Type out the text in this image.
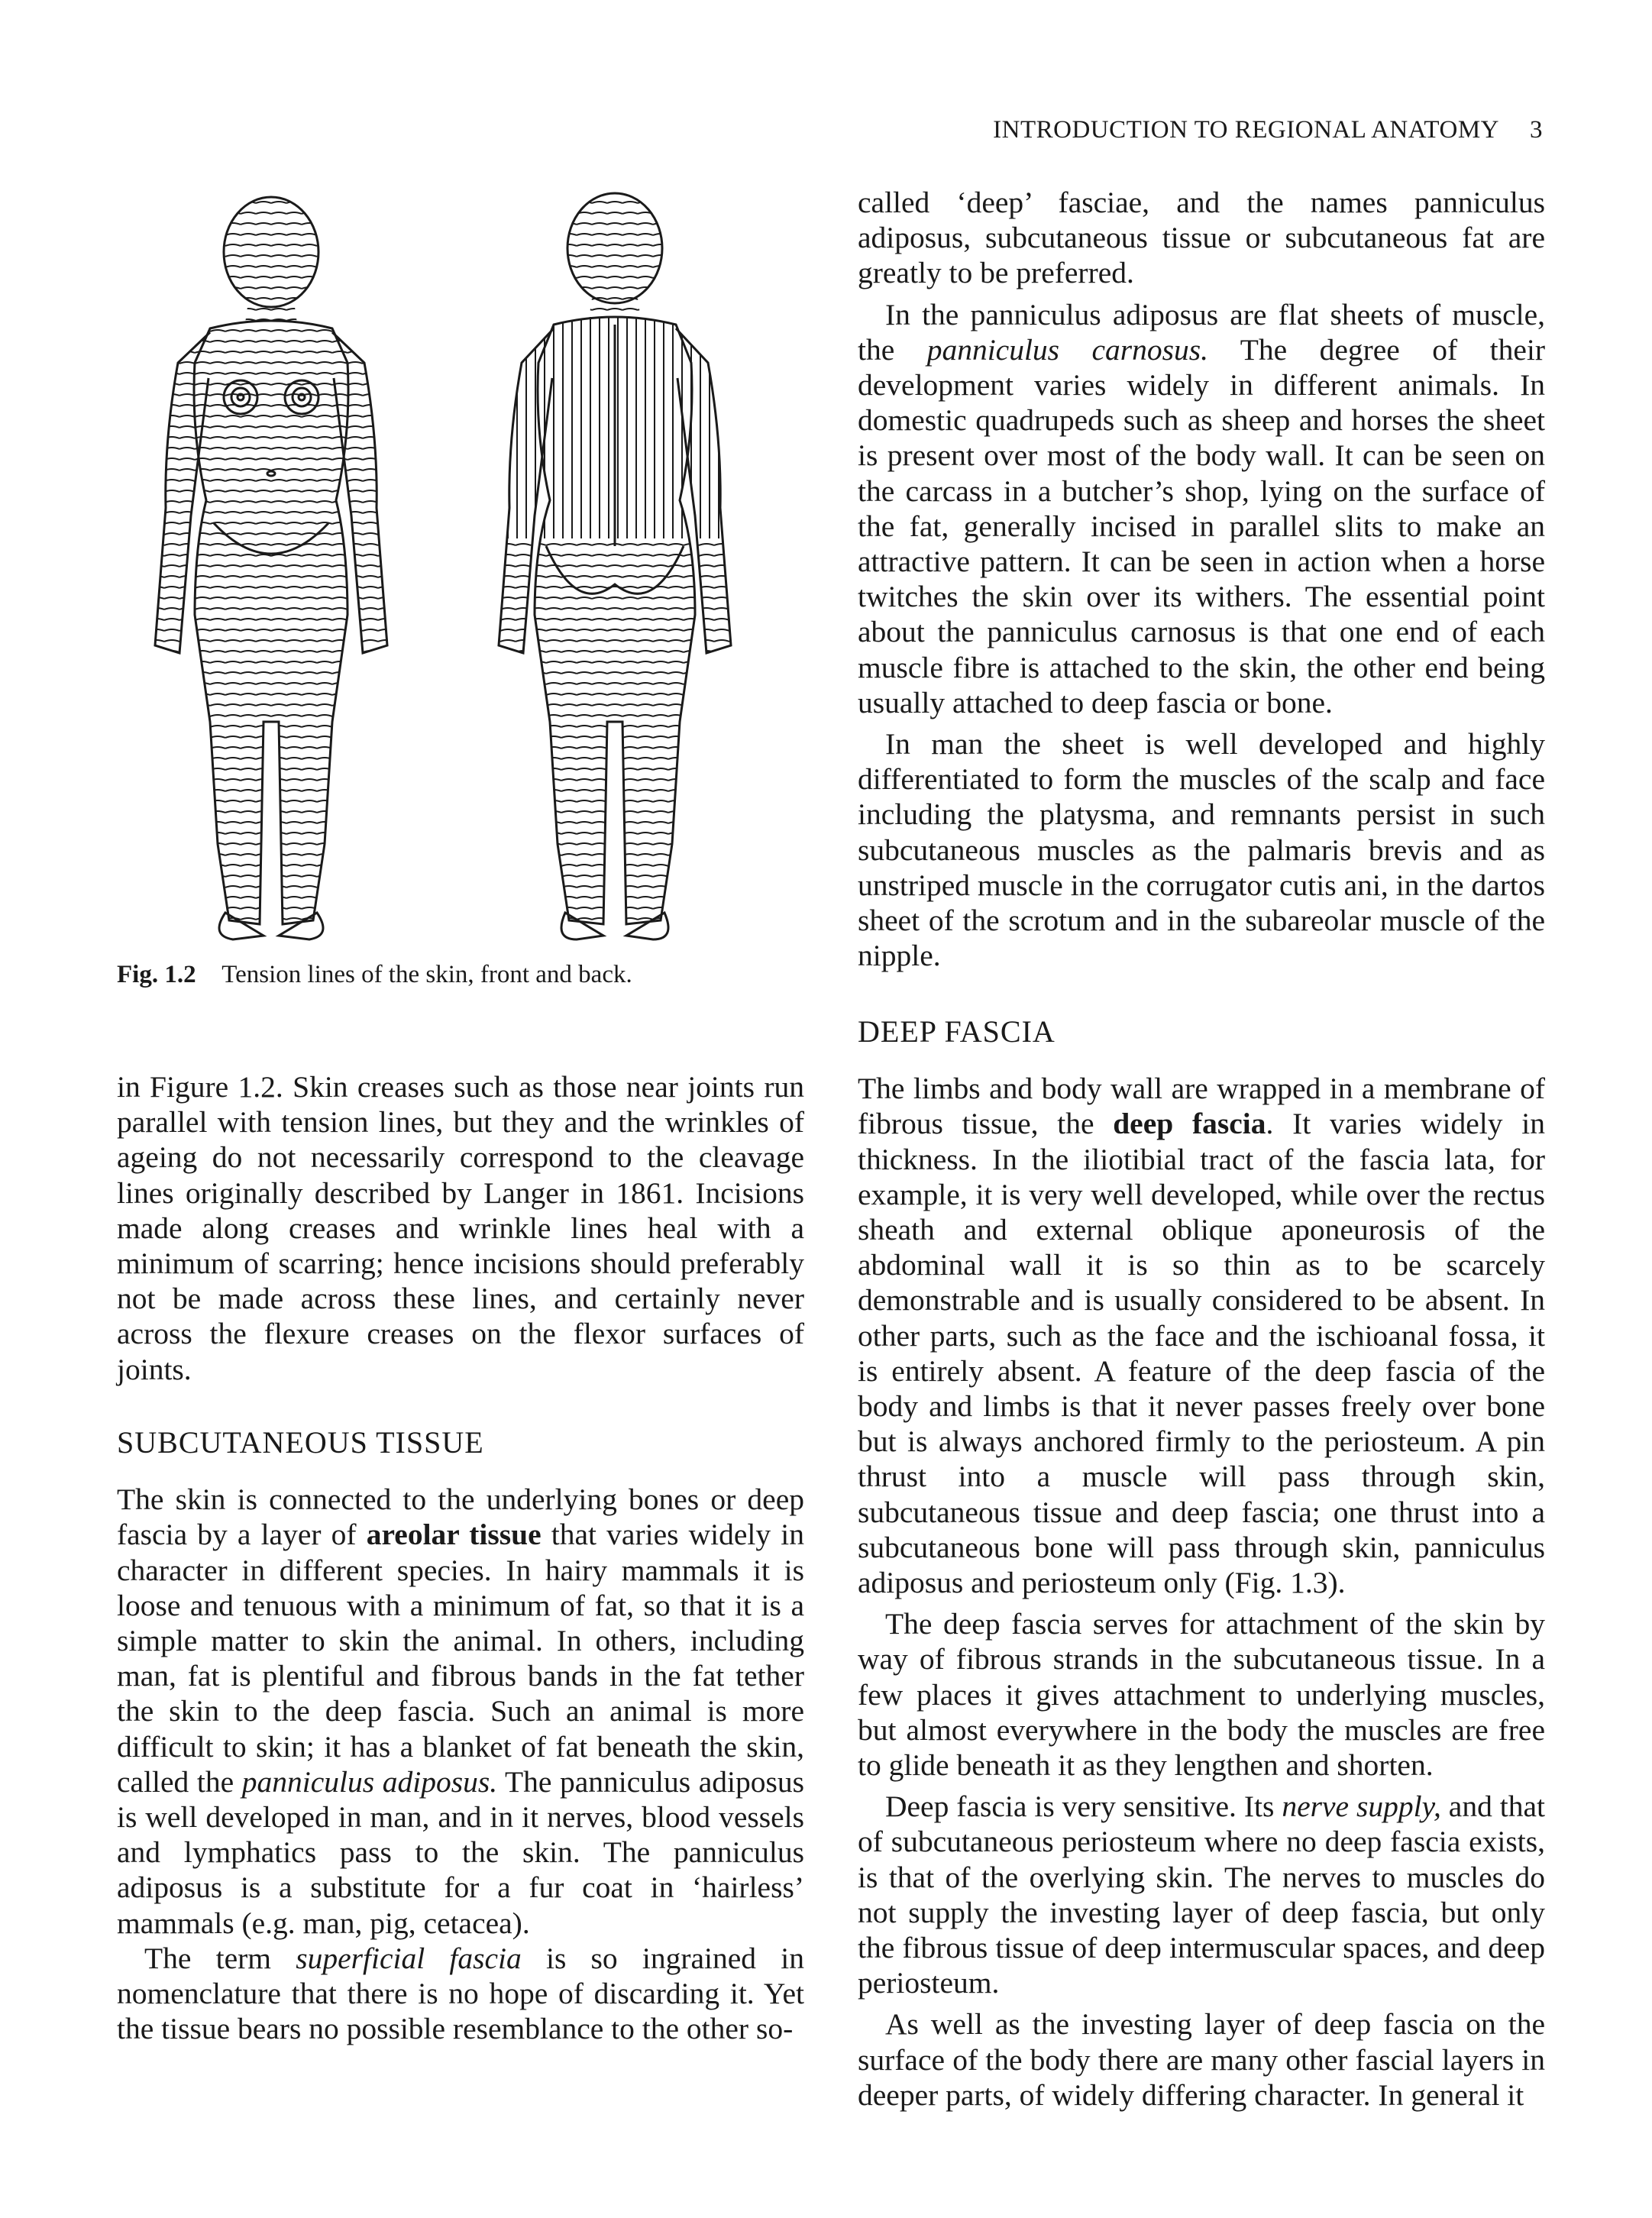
INTRODUCTION TO REGIONAL ANATOMY 3
Fig. 1.2 Tension lines of the skin, front and back.

in Figure 1.2. Skin creases such as those near joints run parallel with tension lines, but they and the wrinkles of ageing do not necessarily correspond to the cleavage lines originally described by Langer in 1861. Incisions made along creases and wrinkle lines heal with a minimum of scarring; hence incisions should preferably not be made across these lines, and certainly never across the flexure creases on the flexor surfaces of joints.

SUBCUTANEOUS TISSUE

The skin is connected to the underlying bones or deep fascia by a layer of areolar tissue that varies widely in character in different species. In hairy mammals it is loose and tenuous with a minimum of fat, so that it is a simple matter to skin the animal. In others, including man, fat is plentiful and fibrous bands in the fat tether the skin to the deep fascia. Such an animal is more difficult to skin; it has a blanket of fat beneath the skin, called the panniculus adiposus. The panniculus adiposus is well developed in man, and in it nerves, blood vessels and lymphatics pass to the skin. The panniculus adiposus is a substitute for a fur coat in ‘hairless’ mammals (e.g. man, pig, cetacea).

The term superficial fascia is so ingrained in nomenclature that there is no hope of discarding it. Yet the tissue bears no possible resemblance to the other so-

called ‘deep’ fasciae, and the names panniculus adiposus, subcutaneous tissue or subcutaneous fat are greatly to be preferred.

In the panniculus adiposus are flat sheets of muscle, the panniculus carnosus. The degree of their development varies widely in different animals. In domestic quadrupeds such as sheep and horses the sheet is present over most of the body wall. It can be seen on the carcass in a butcher’s shop, lying on the surface of the fat, generally incised in parallel slits to make an attractive pattern. It can be seen in action when a horse twitches the skin over its withers. The essential point about the panniculus carnosus is that one end of each muscle fibre is attached to the skin, the other end being usually attached to deep fascia or bone.

In man the sheet is well developed and highly differentiated to form the muscles of the scalp and face including the platysma, and remnants persist in such subcutaneous muscles as the palmaris brevis and as unstriped muscle in the corrugator cutis ani, in the dartos sheet of the scrotum and in the subareolar muscle of the nipple.

DEEP FASCIA

The limbs and body wall are wrapped in a membrane of fibrous tissue, the deep fascia. It varies widely in thickness. In the iliotibial tract of the fascia lata, for example, it is very well developed, while over the rectus sheath and external oblique aponeurosis of the abdominal wall it is so thin as to be scarcely demonstrable and is usually considered to be absent. In other parts, such as the face and the ischioanal fossa, it is entirely absent. A feature of the deep fascia of the body and limbs is that it never passes freely over bone but is always anchored firmly to the periosteum. A pin thrust into a muscle will pass through skin, subcutaneous tissue and deep fascia; one thrust into a subcutaneous bone will pass through skin, panniculus adiposus and periosteum only (Fig. 1.3).

The deep fascia serves for attachment of the skin by way of fibrous strands in the subcutaneous tissue. In a few places it gives attachment to underlying muscles, but almost everywhere in the body the muscles are free to glide beneath it as they lengthen and shorten.

Deep fascia is very sensitive. Its nerve supply, and that of subcutaneous periosteum where no deep fascia exists, is that of the overlying skin. The nerves to muscles do not supply the investing layer of deep fascia, but only the fibrous tissue of deep intermuscular spaces, and deep periosteum.

As well as the investing layer of deep fascia on the surface of the body there are many other fascial layers in deeper parts, of widely differing character. In general it
